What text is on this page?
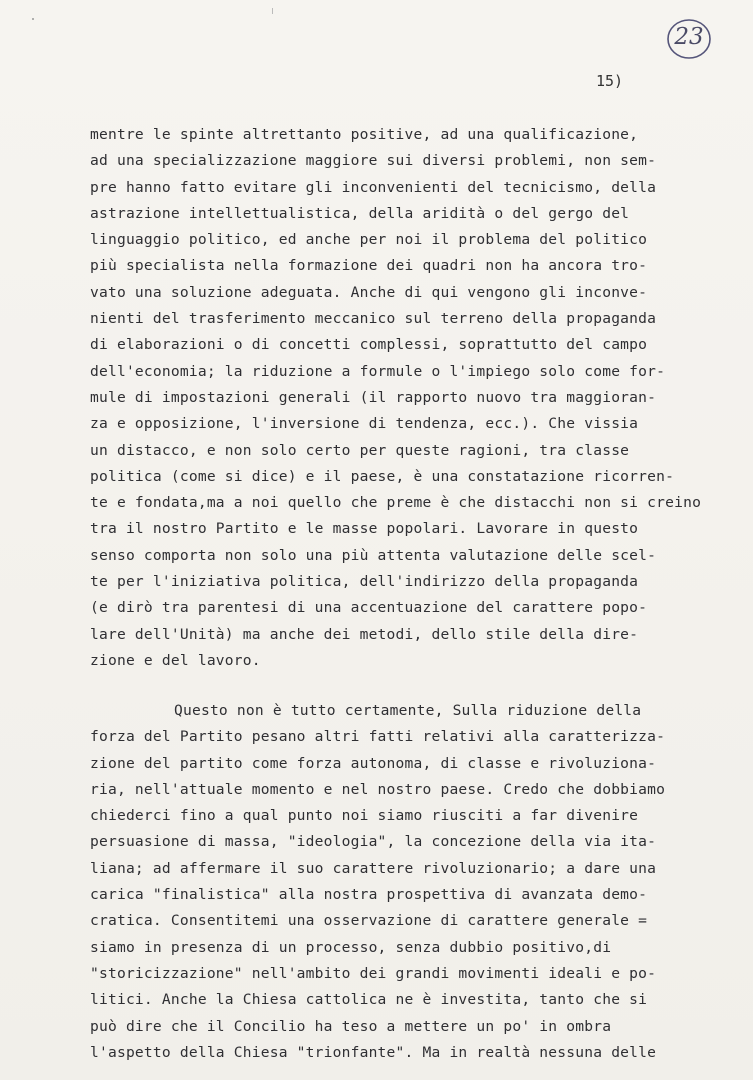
23
15)
mentre le spinte altrettanto positive, ad una qualificazione,
ad una specializzazione maggiore sui diversi problemi, non sem-
pre hanno fatto evitare gli inconvenienti del tecnicismo, della
astrazione intellettualistica, della aridità o del gergo del
linguaggio politico, ed anche per noi il problema del politico
più specialista nella formazione dei quadri non ha ancora tro-
vato una soluzione adeguata. Anche di qui vengono gli inconve-
nienti del trasferimento meccanico sul terreno della propaganda
di elaborazioni o di concetti complessi, soprattutto del campo
dell'economia; la riduzione a formule o l'impiego solo come for-
mule di impostazioni generali (il rapporto nuovo tra maggioran-
za e opposizione, l'inversione di tendenza, ecc.). Che vissia
un distacco, e non solo certo per queste ragioni, tra classe
politica (come si dice) e il paese, è una constatazione ricorren-
te e fondata,ma a noi quello che preme è che distacchi non si creino
tra il nostro Partito e le masse popolari. Lavorare in questo
senso comporta non solo una più attenta valutazione delle scel-
te per l'iniziativa politica, dell'indirizzo della propaganda
(e dirò tra parentesi di una accentuazione del carattere popo-
lare dell'Unità) ma anche dei metodi, dello stile della dire-
zione e del lavoro.
Questo non è tutto certamente, Sulla riduzione della
forza del Partito pesano altri fatti relativi alla caratterizza-
zione del partito come forza autonoma, di classe e rivoluziona-
ria, nell'attuale momento e nel nostro paese. Credo che dobbiamo
chiederci fino a qual punto noi siamo riusciti a far divenire
persuasione di massa, "ideologia", la concezione della via ita-
liana; ad affermare il suo carattere rivoluzionario; a dare una
carica "finalistica" alla nostra prospettiva di avanzata demo-
cratica. Consentitemi una osservazione di carattere generale =
siamo in presenza di un processo, senza dubbio positivo,di
"storicizzazione" nell'ambito dei grandi movimenti ideali e po-
litici. Anche la Chiesa cattolica ne è investita, tanto che si
può dire che il Concilio ha teso a mettere un po' in ombra
l'aspetto della Chiesa "trionfante". Ma in realtà nessuna delle
